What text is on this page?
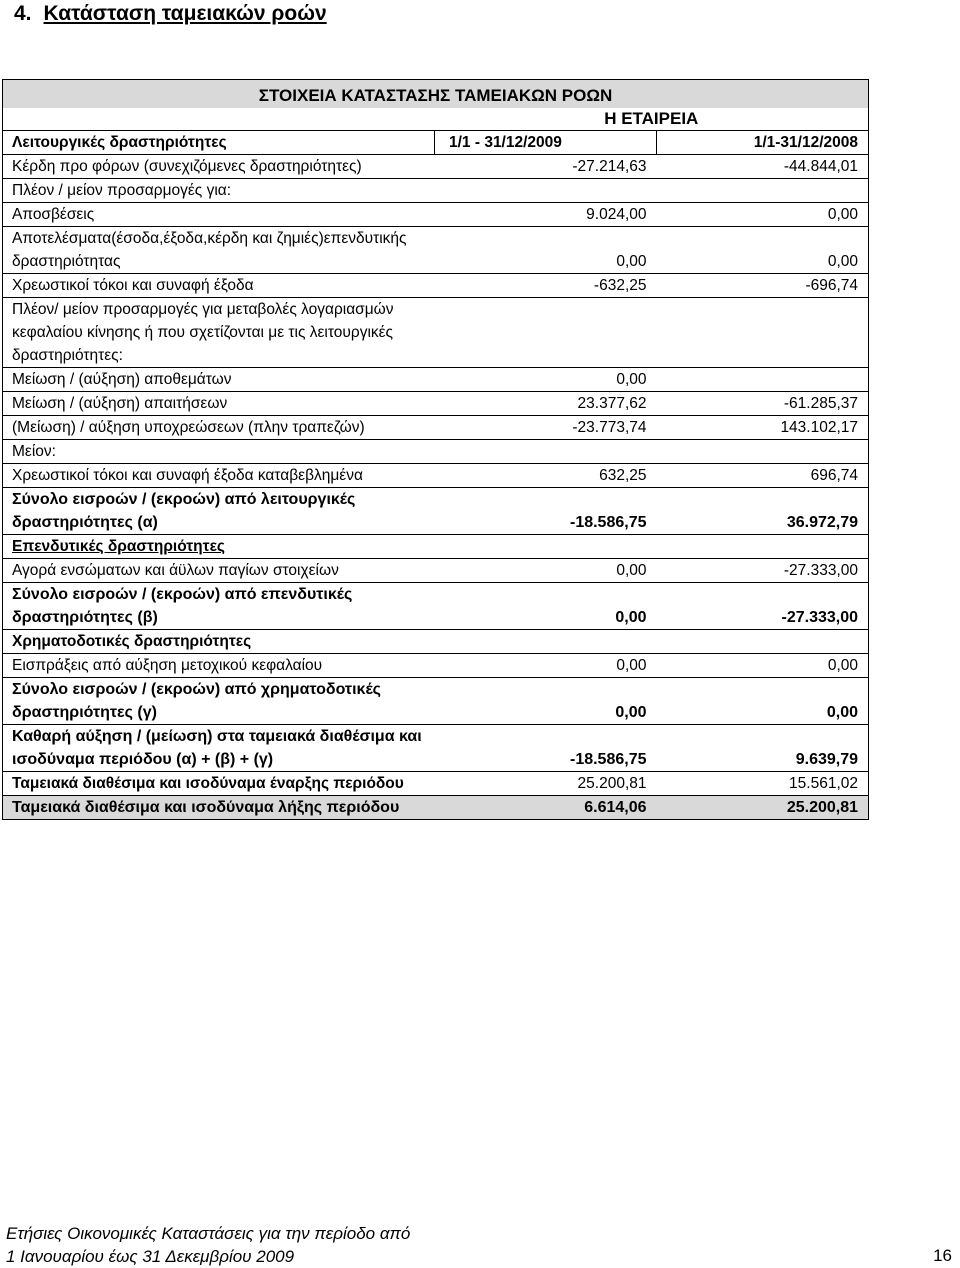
4. Κατάσταση ταμειακών ροών
ΣΤΟΙΧΕΙΑ ΚΑΤΑΣΤΑΣΗΣ ΤΑΜΕΙΑΚΩΝ ΡΟΩΝ		
	Η ΕΤΑΙΡΕΙΑ	
Λειτουργικές δραστηριότητες	1/1 - 31/12/2009	1/1-31/12/2008
Κέρδη προ φόρων (συνεχιζόμενες δραστηριότητες)	-27.214,63	-44.844,01
Πλέον / μείον προσαρμογές για:		
Αποσβέσεις	9.024,00	0,00
Αποτελέσματα(έσοδα,έξοδα,κέρδη και ζημιές)επενδυτικής δραστηριότητας	0,00	0,00
Χρεωστικοί τόκοι και συναφή έξοδα	-632,25	-696,74
Πλέον/ μείον προσαρμογές για μεταβολές λογαριασμών κεφαλαίου κίνησης ή που σχετίζονται με τις λειτουργικές δραστηριότητες:		
Μείωση / (αύξηση) αποθεμάτων	0,00	
Μείωση / (αύξηση) απαιτήσεων	23.377,62	-61.285,37
(Μείωση) / αύξηση υποχρεώσεων (πλην τραπεζών)	-23.773,74	143.102,17
Μείον:		
Χρεωστικοί τόκοι και συναφή έξοδα καταβεβλημένα	632,25	696,74
Σύνολο εισροών / (εκροών) από λειτουργικές δραστηριότητες (α)	-18.586,75	36.972,79
Επενδυτικές δραστηριότητες		
Αγορά ενσώματων και άϋλων παγίων στοιχείων	0,00	-27.333,00
Σύνολο εισροών / (εκροών) από επενδυτικές δραστηριότητες (β)	0,00	-27.333,00
Χρηματοδοτικές δραστηριότητες		
Εισπράξεις από αύξηση μετοχικού κεφαλαίου	0,00	0,00
Σύνολο εισροών / (εκροών) από χρηματοδοτικές δραστηριότητες (γ)	0,00	0,00
Καθαρή αύξηση / (μείωση) στα ταμειακά διαθέσιμα και ισοδύναμα περιόδου (α) + (β) + (γ)	-18.586,75	9.639,79
Ταμειακά διαθέσιμα και ισοδύναμα έναρξης περιόδου	25.200,81	15.561,02
Ταμειακά διαθέσιμα και ισοδύναμα λήξης περιόδου	6.614,06	25.200,81
Ετήσιες Οικονομικές Καταστάσεις για την περίοδο από
1 Ιανουαρίου έως 31 Δεκεμβρίου 2009	16
